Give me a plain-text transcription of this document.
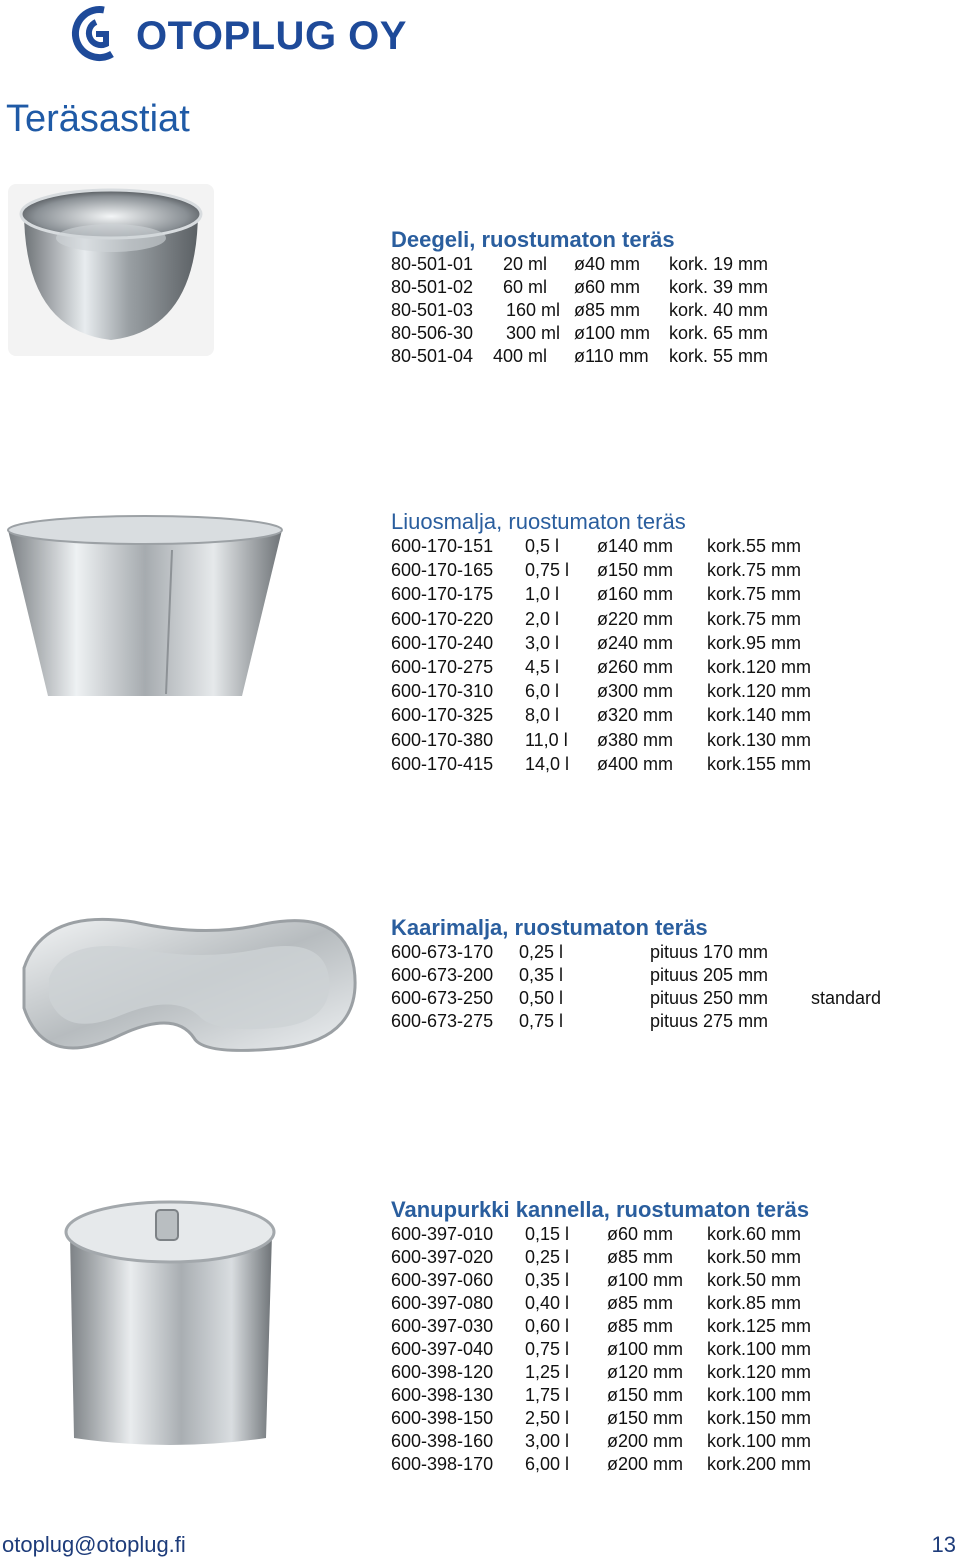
OTOPLUG OY
Teräsastiat
Deegeli, ruostumaton teräs
80-501-01 20 ml ø40 mm kork. 19 mm
80-501-02 60 ml ø60 mm kork. 39 mm
80-501-03 160 ml ø85 mm kork. 40 mm
80-506-30 300 ml ø100 mm kork. 65 mm
80-501-04 400 ml ø110 mm kork. 55 mm
Liuosmalja, ruostumaton teräs
600-170-151 0,5 l ø140 mm kork.55 mm
600-170-165 0,75 l ø150 mm kork.75 mm
600-170-175 1,0 l ø160 mm kork.75 mm
600-170-220 2,0 l ø220 mm kork.75 mm
600-170-240 3,0 l ø240 mm kork.95 mm
600-170-275 4,5 l ø260 mm kork.120 mm
600-170-310 6,0 l ø300 mm kork.120 mm
600-170-325 8,0 l ø320 mm kork.140 mm
600-170-380 11,0 l ø380 mm kork.130 mm
600-170-415 14,0 l ø400 mm kork.155 mm
Kaarimalja, ruostumaton teräs
600-673-170 0,25 l	pituus 170 mm
600-673-200 0,35 l	pituus 205 mm
600-673-250 0,50 l	pituus 250 mm standard
600-673-275 0,75 l	pituus 275 mm
Vanupurkki kannella, ruostumaton teräs
600-397-010 0,15 l ø60 mm kork.60 mm
600-397-020 0,25 l ø85 mm kork.50 mm
600-397-060 0,35 l ø100 mm kork.50 mm
600-397-080 0,40 l ø85 mm kork.85 mm
600-397-030 0,60 l ø85 mm kork.125 mm
600-397-040 0,75 l ø100 mm kork.100 mm
600-398-120 1,25 l ø120 mm kork.120 mm
600-398-130 1,75 l ø150 mm kork.100 mm
600-398-150 2,50 l ø150 mm kork.150 mm
600-398-160 3,00 l ø200 mm kork.100 mm
600-398-170 6,00 l ø200 mm kork.200 mm
otoplug@otoplug.fi	13
